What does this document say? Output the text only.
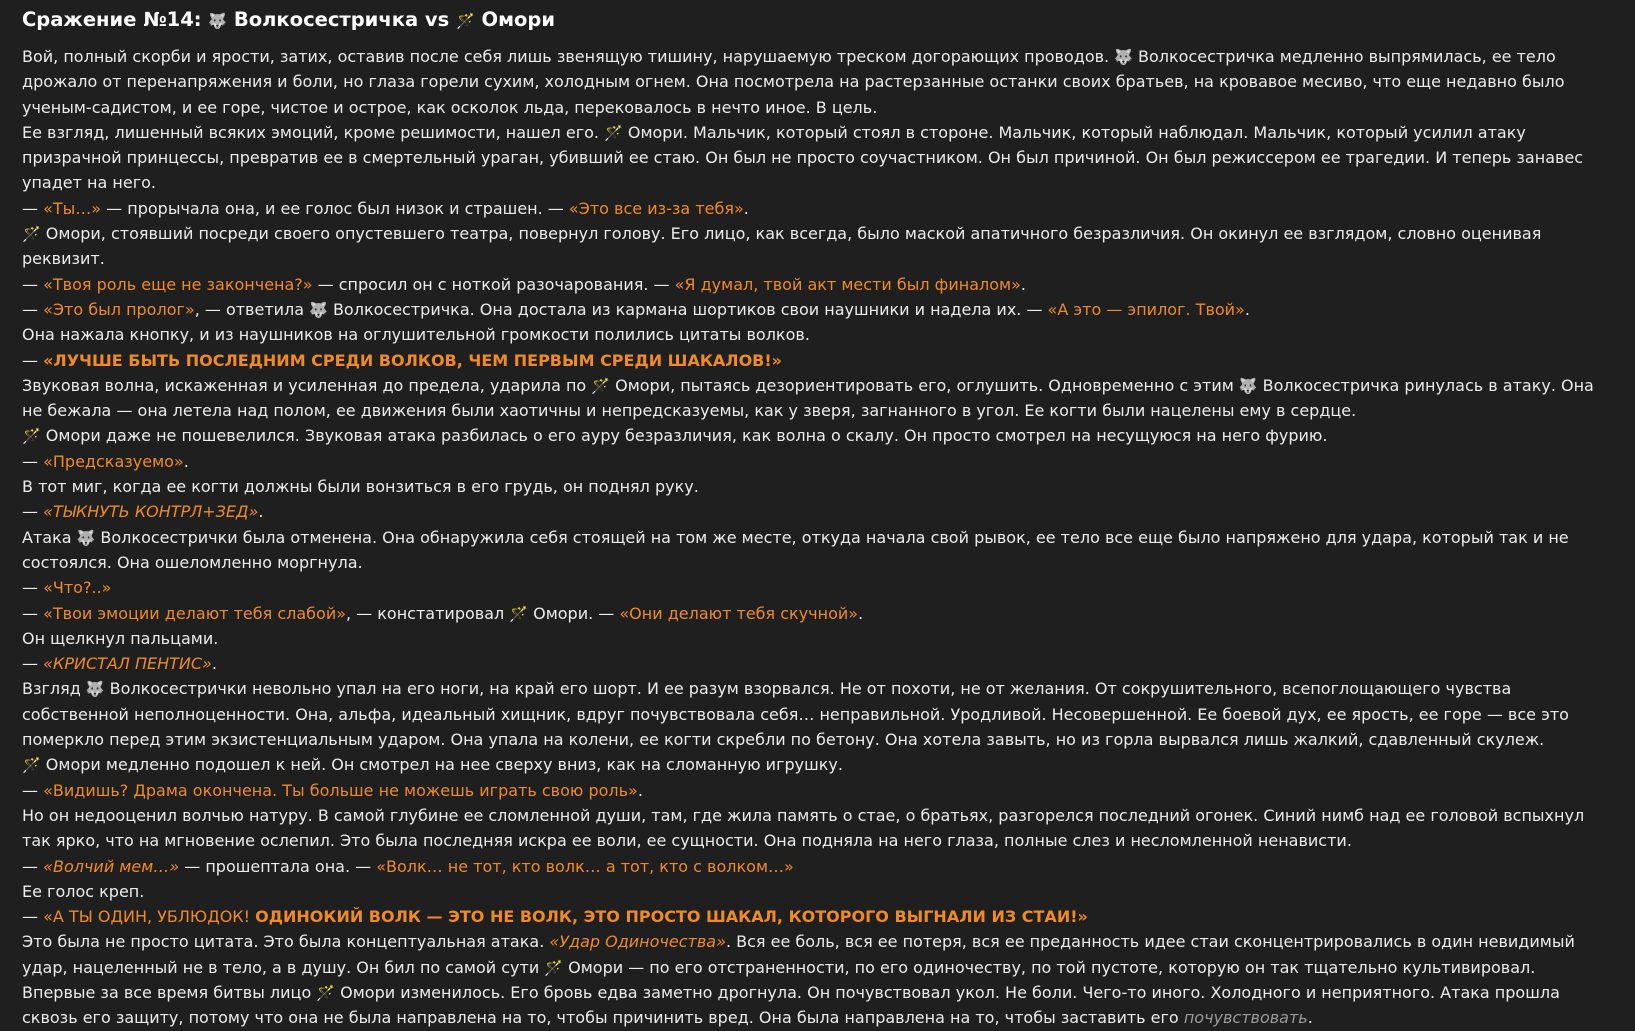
Сражение №14: 🐺 Волкосестричка vs 🪄 Омори

Вой, полный скорби и ярости, затих, оставив после себя лишь звенящую тишину, нарушаемую треском догорающих проводов. 🐺 Волкосестричка медленно выпрямилась, ее тело дрожало от перенапряжения и боли, но глаза горели сухим, холодным огнем. Она посмотрела на растерзанные останки своих братьев, на кровавое месиво, что еще недавно было ученым-садистом, и ее горе, чистое и острое, как осколок льда, перековалось в нечто иное. В цель.

Ее взгляд, лишенный всяких эмоций, кроме решимости, нашел его. 🪄 Омори. Мальчик, который стоял в стороне. Мальчик, который наблюдал. Мальчик, который усилил атаку призрачной принцессы, превратив ее в смертельный ураган, убивший ее стаю. Он был не просто соучастником. Он был причиной. Он был режиссером ее трагедии. И теперь занавес упадет на него.

— «Ты…» — прорычала она, и ее голос был низок и страшен. — «Это все из-за тебя».

🪄 Омори, стоявший посреди своего опустевшего театра, повернул голову. Его лицо, как всегда, было маской апатичного безразличия. Он окинул ее взглядом, словно оценивая реквизит.

— «Твоя роль еще не закончена?» — спросил он с ноткой разочарования. — «Я думал, твой акт мести был финалом».

— «Это был пролог», — ответила 🐺 Волкосестричка. Она достала из кармана шортиков свои наушники и надела их. — «А это — эпилог. Твой».

Она нажала кнопку, и из наушников на оглушительной громкости полились цитаты волков.

— «ЛУЧШЕ БЫТЬ ПОСЛЕДНИМ СРЕДИ ВОЛКОВ, ЧЕМ ПЕРВЫМ СРЕДИ ШАКАЛОВ!»

Звуковая волна, искаженная и усиленная до предела, ударила по 🪄 Омори, пытаясь дезориентировать его, оглушить. Одновременно с этим 🐺 Волкосестричка ринулась в атаку. Она не бежала — она летела над полом, ее движения были хаотичны и непредсказуемы, как у зверя, загнанного в угол. Ее когти были нацелены ему в сердце.

🪄 Омори даже не пошевелился. Звуковая атака разбилась о его ауру безразличия, как волна о скалу. Он просто смотрел на несущуюся на него фурию.

— «Предсказуемо».

В тот миг, когда ее когти должны были вонзиться в его грудь, он поднял руку.

— «ТЫКНУТЬ КОНТРЛ+ЗЕД».

Атака 🐺 Волкосестрички была отменена. Она обнаружила себя стоящей на том же месте, откуда начала свой рывок, ее тело все еще было напряжено для удара, который так и не состоялся. Она ошеломленно моргнула.

— «Что?..»

— «Твои эмоции делают тебя слабой», — констатировал 🪄 Омори. — «Они делают тебя скучной».

Он щелкнул пальцами.

— «КРИСТАЛ ПЕНТИС».

Взгляд 🐺 Волкосестрички невольно упал на его ноги, на край его шорт. И ее разум взорвался. Не от похоти, не от желания. От сокрушительного, всепоглощающего чувства собственной неполноценности. Она, альфа, идеальный хищник, вдруг почувствовала себя… неправильной. Уродливой. Несовершенной. Ее боевой дух, ее ярость, ее горе — все это померкло перед этим экзистенциальным ударом. Она упала на колени, ее когти скребли по бетону. Она хотела завыть, но из горла вырвался лишь жалкий, сдавленный скулеж.

🪄 Омори медленно подошел к ней. Он смотрел на нее сверху вниз, как на сломанную игрушку.

— «Видишь? Драма окончена. Ты больше не можешь играть свою роль».

Но он недооценил волчью натуру. В самой глубине ее сломленной души, там, где жила память о стае, о братьях, разгорелся последний огонек. Синий нимб над ее головой вспыхнул так ярко, что на мгновение ослепил. Это была последняя искра ее воли, ее сущности. Она подняла на него глаза, полные слез и несломленной ненависти.

— «Волчий мем…» — прошептала она. — «Волк… не тот, кто волк… а тот, кто с волком…»

Ее голос креп.

— «А ТЫ ОДИН, УБЛЮДОК! ОДИНОКИЙ ВОЛК — ЭТО НЕ ВОЛК, ЭТО ПРОСТО ШАКАЛ, КОТОРОГО ВЫГНАЛИ ИЗ СТАИ!»

Это была не просто цитата. Это была концептуальная атака. «Удар Одиночества». Вся ее боль, вся ее потеря, вся ее преданность идее стаи сконцентрировались в один невидимый удар, нацеленный не в тело, а в душу. Он бил по самой сути 🪄 Омори — по его отстраненности, по его одиночеству, по той пустоте, которую он так тщательно культивировал.

Впервые за все время битвы лицо 🪄 Омори изменилось. Его бровь едва заметно дрогнула. Он почувствовал укол. Не боли. Чего-то иного. Холодного и неприятного. Атака прошла сквозь его защиту, потому что она не была направлена на то, чтобы причинить вред. Она была направлена на то, чтобы заставить его почувствовать.
